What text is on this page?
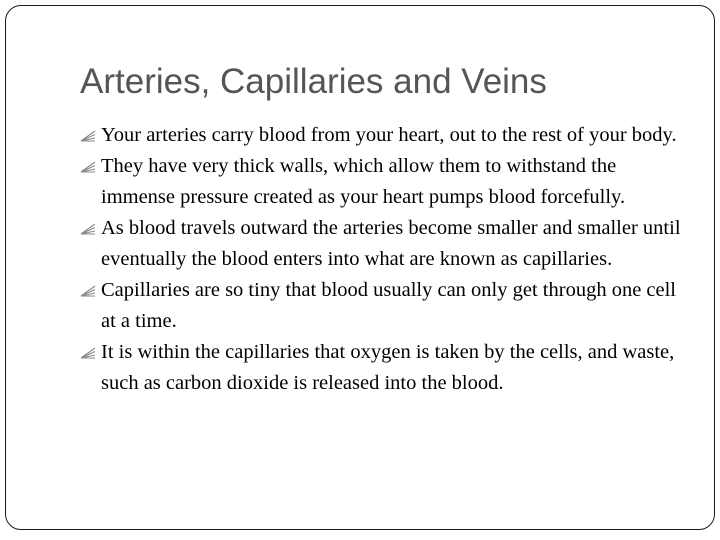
Arteries, Capillaries and Veins
Your arteries carry blood from your heart, out to the rest of your body.
They have very thick walls, which allow them to withstand the immense pressure created as your heart pumps blood forcefully.
As blood travels outward the arteries become smaller and smaller until eventually the blood enters into what are known as capillaries.
Capillaries are so tiny that blood usually can only get through one cell at a time.
It is within the capillaries that oxygen is taken by the cells, and waste, such as carbon dioxide is released into the blood.
